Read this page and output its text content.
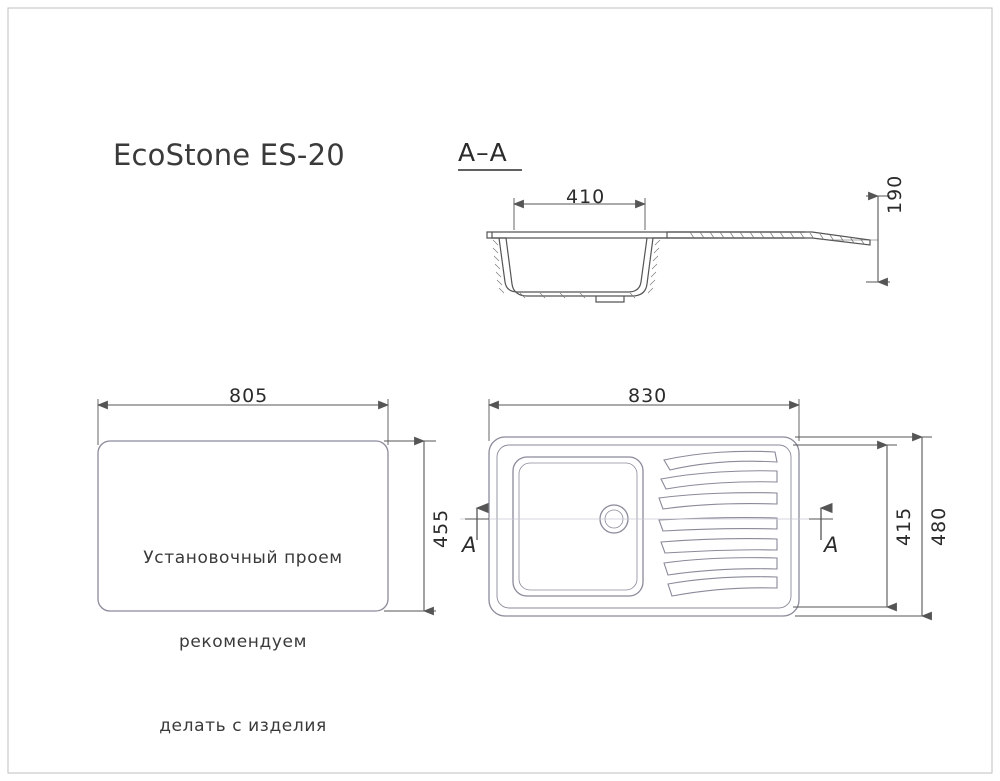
EcoStone ES-20	A–A
410	190
805
455
830
415 480
A	A

Установочный проем

рекомендуем

делать с изделия
